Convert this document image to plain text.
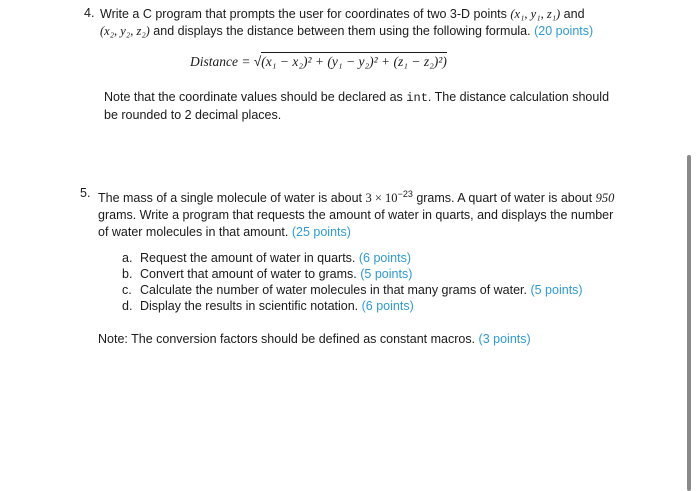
4. Write a C program that prompts the user for coordinates of two 3-D points (x₁, y₁, z₁) and
(x₂, y₂, z₂) and displays the distance between them using the following formula. (20 points)
Distance = √(x₁ − x₂)² + (y₁ − y₂)² + (z₁ − z₂)²)
Note that the coordinate values should be declared as int. The distance calculation should be rounded to 2 decimal places.
5. The mass of a single molecule of water is about $3 \times 10^{-23}$ grams. A quart of water is about 950 grams. Write a program that requests the amount of water in quarts, and displays the number of water molecules in that amount. (25 points)
a. Request the amount of water in quarts. (6 points)
b. Convert that amount of water to grams. (5 points)
c. Calculate the number of water molecules in that many grams of water. (5 points)
d. Display the results in scientific notation. (6 points)
Note: The conversion factors should be defined as constant macros. (3 points)
